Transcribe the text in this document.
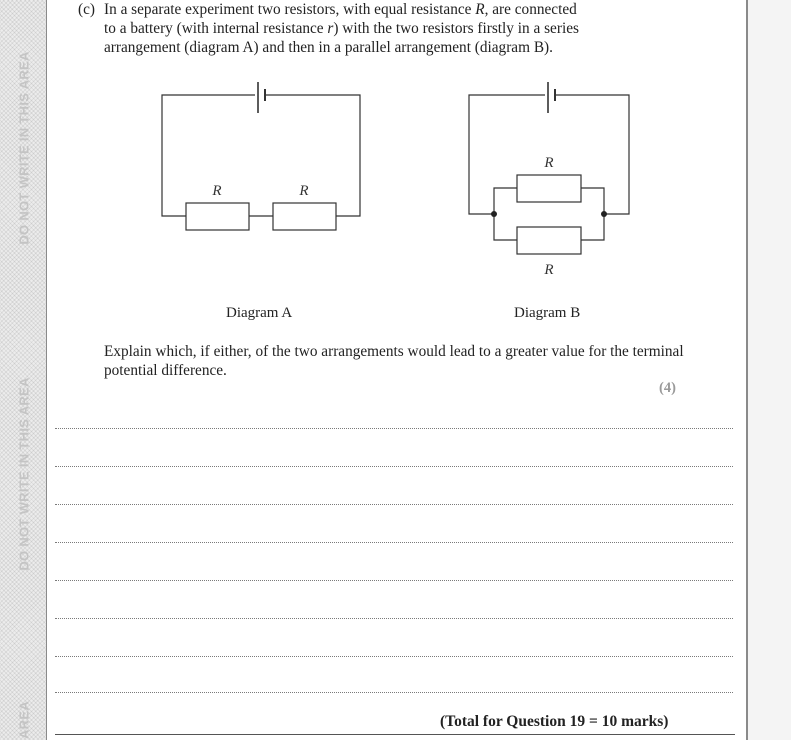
DO NOT WRITE IN THIS AREA
DO NOT WRITE IN THIS AREA
AREA
(c) In a separate experiment two resistors, with equal resistance R, are connected
to a battery (with internal resistance r) with the two resistors firstly in a series
arrangement (diagram A) and then in a parallel arrangement (diagram B).
R	R
R
R
Diagram A	Diagram B
Explain which, if either, of the two arrangements would lead to a greater value for the terminal potential difference.
(4)
(Total for Question 19 = 10 marks)
